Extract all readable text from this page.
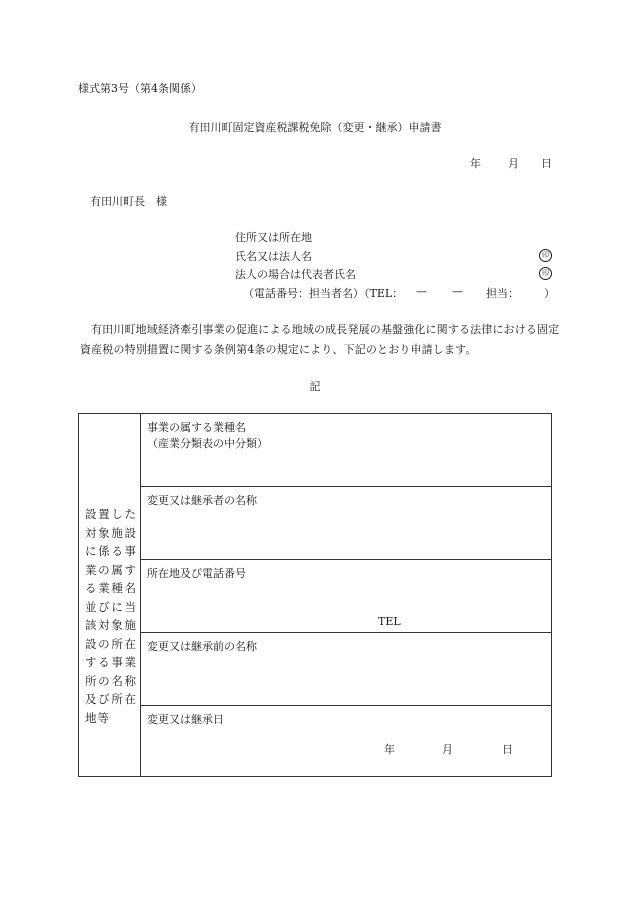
様式第3号（第4条関係）
有田川町固定資産税課税免除（変更・継承）申請書
年 月 日
有田川町長　様
住所又は所在地
氏名又は法人名
法人の場合は代表者氏名
印
印
（電話番号：担当者名）（TEL： — — 担当： ）
有田川町地域経済牽引事業の促進による地域の成長発展の基盤強化に関する法律における固定資産税の特別措置に関する条例第4条の規定により、下記のとおり申請します。
記
設置した対象施設に係る事業の属する業種名並びに当該対象施設の所在する事業所の名称及び所在地等
事業の属する業種名
（産業分類表の中分類）
変更又は継承者の名称
所在地及び電話番号
TEL
変更又は継承前の名称
変更又は継承日
年	月	日
